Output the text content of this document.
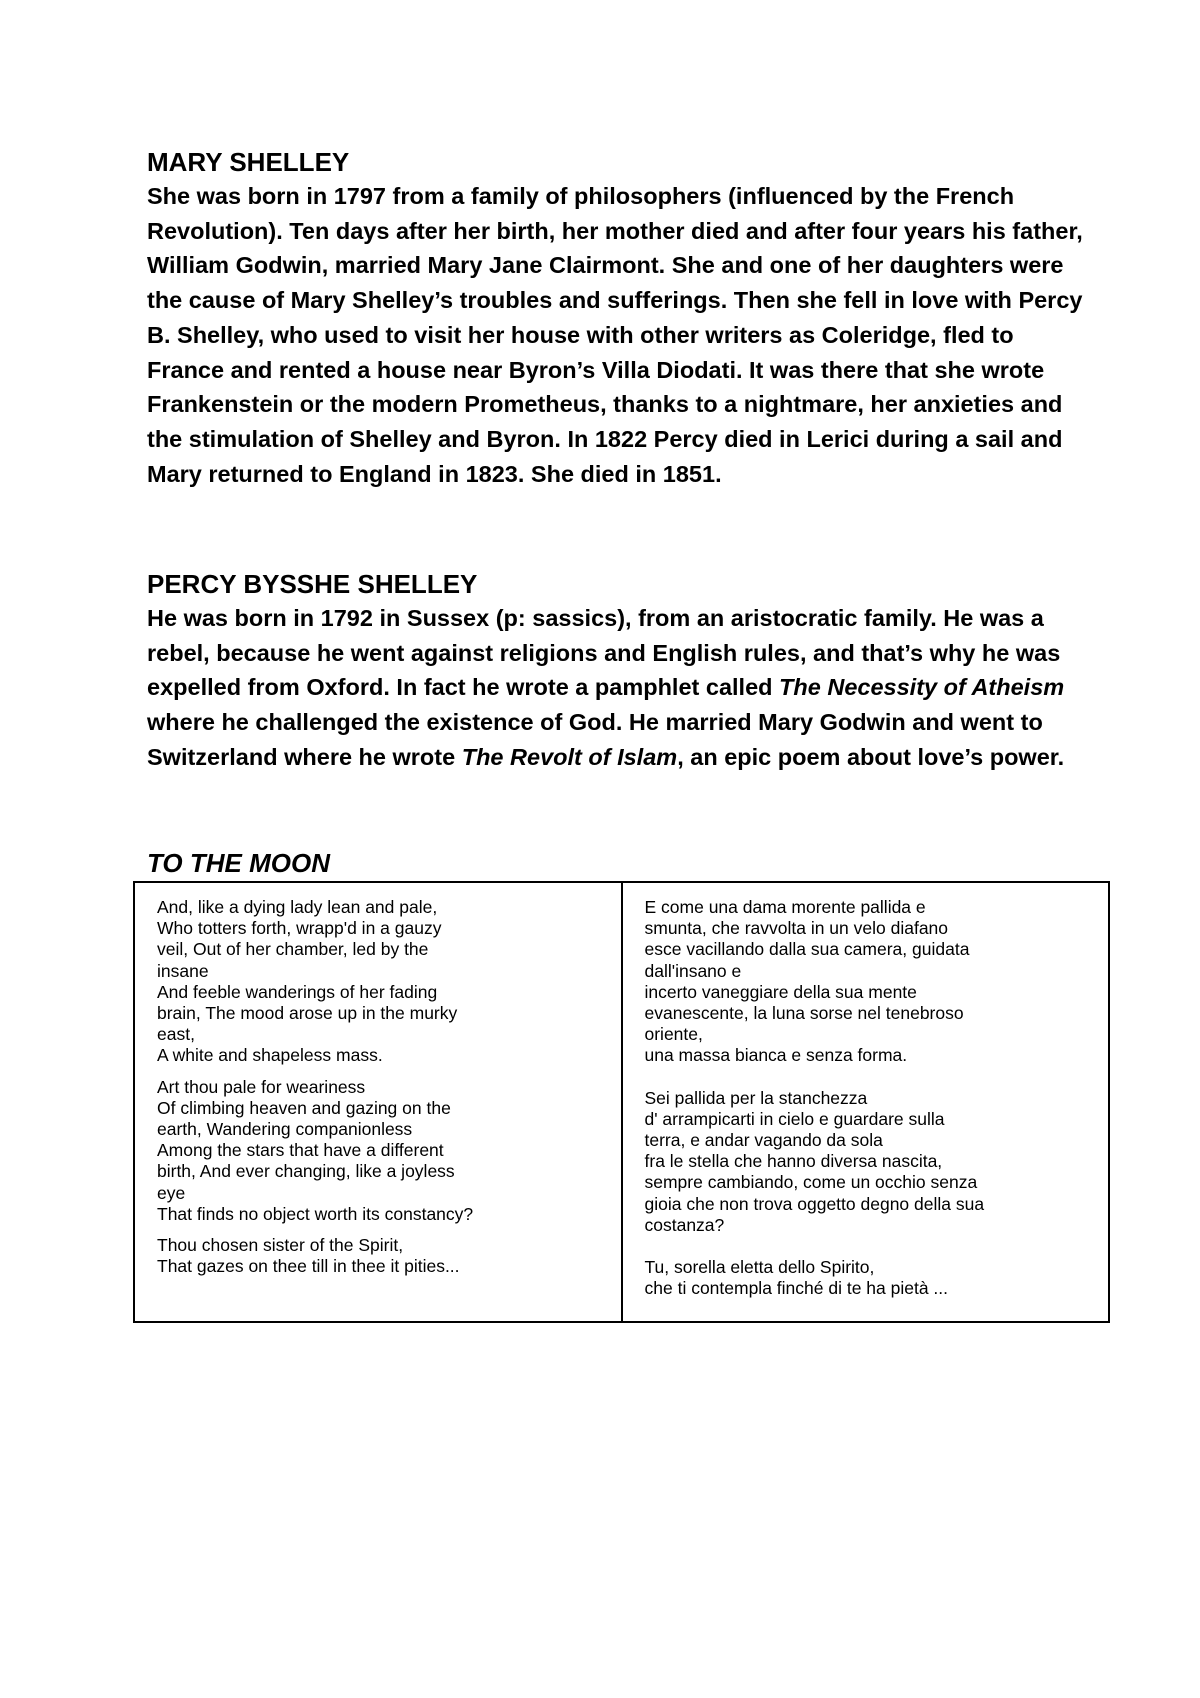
MARY SHELLEY

She was born in 1797 from a family of philosophers (influenced by the French Revolution). Ten days after her birth, her mother died and after four years his father, William Godwin, married Mary Jane Clairmont. She and one of her daughters were the cause of Mary Shelley’s troubles and sufferings. Then she fell in love with Percy B. Shelley, who used to visit her house with other writers as Coleridge, fled to France and rented a house near Byron’s Villa Diodati. It was there that she wrote Frankenstein or the modern Prometheus, thanks to a nightmare, her anxieties and the stimulation of Shelley and Byron. In 1822 Percy died in Lerici during a sail and Mary returned to England in 1823. She died in 1851.

PERCY BYSSHE SHELLEY

He was born in 1792 in Sussex (p: sassics), from an aristocratic family. He was a rebel, because he went against religions and English rules, and that’s why he was expelled from Oxford. In fact he wrote a pamphlet called The Necessity of Atheism where he challenged the existence of God. He married Mary Godwin and went to Switzerland where he wrote The Revolt of Islam, an epic poem about love’s power.

TO THE MOON

And, like a dying lady lean and pale,
Who totters forth, wrapp'd in a gauzy
veil, Out of her chamber, led by the
insane
And feeble wanderings of her fading
brain, The mood arose up in the murky
east,
A white and shapeless mass.

Art thou pale for weariness
Of climbing heaven and gazing on the
earth, Wandering companionless
Among the stars that have a different
birth, And ever changing, like a joyless
eye
That finds no object worth its constancy?

Thou chosen sister of the Spirit,
That gazes on thee till in thee it pities...

E come una dama morente pallida e
smunta, che ravvolta in un velo diafano
esce vacillando dalla sua camera, guidata
dall'insano e
incerto vaneggiare della sua mente
evanescente, la luna sorse nel tenebroso
oriente,
una massa bianca e senza forma.

Sei pallida per la stanchezza
d' arrampicarti in cielo e guardare sulla
terra, e andar vagando da sola
fra le stella che hanno diversa nascita,
sempre cambiando, come un occhio senza
gioia che non trova oggetto degno della sua
costanza?

Tu, sorella eletta dello Spirito,
che ti contempla finché di te ha pietà ...
